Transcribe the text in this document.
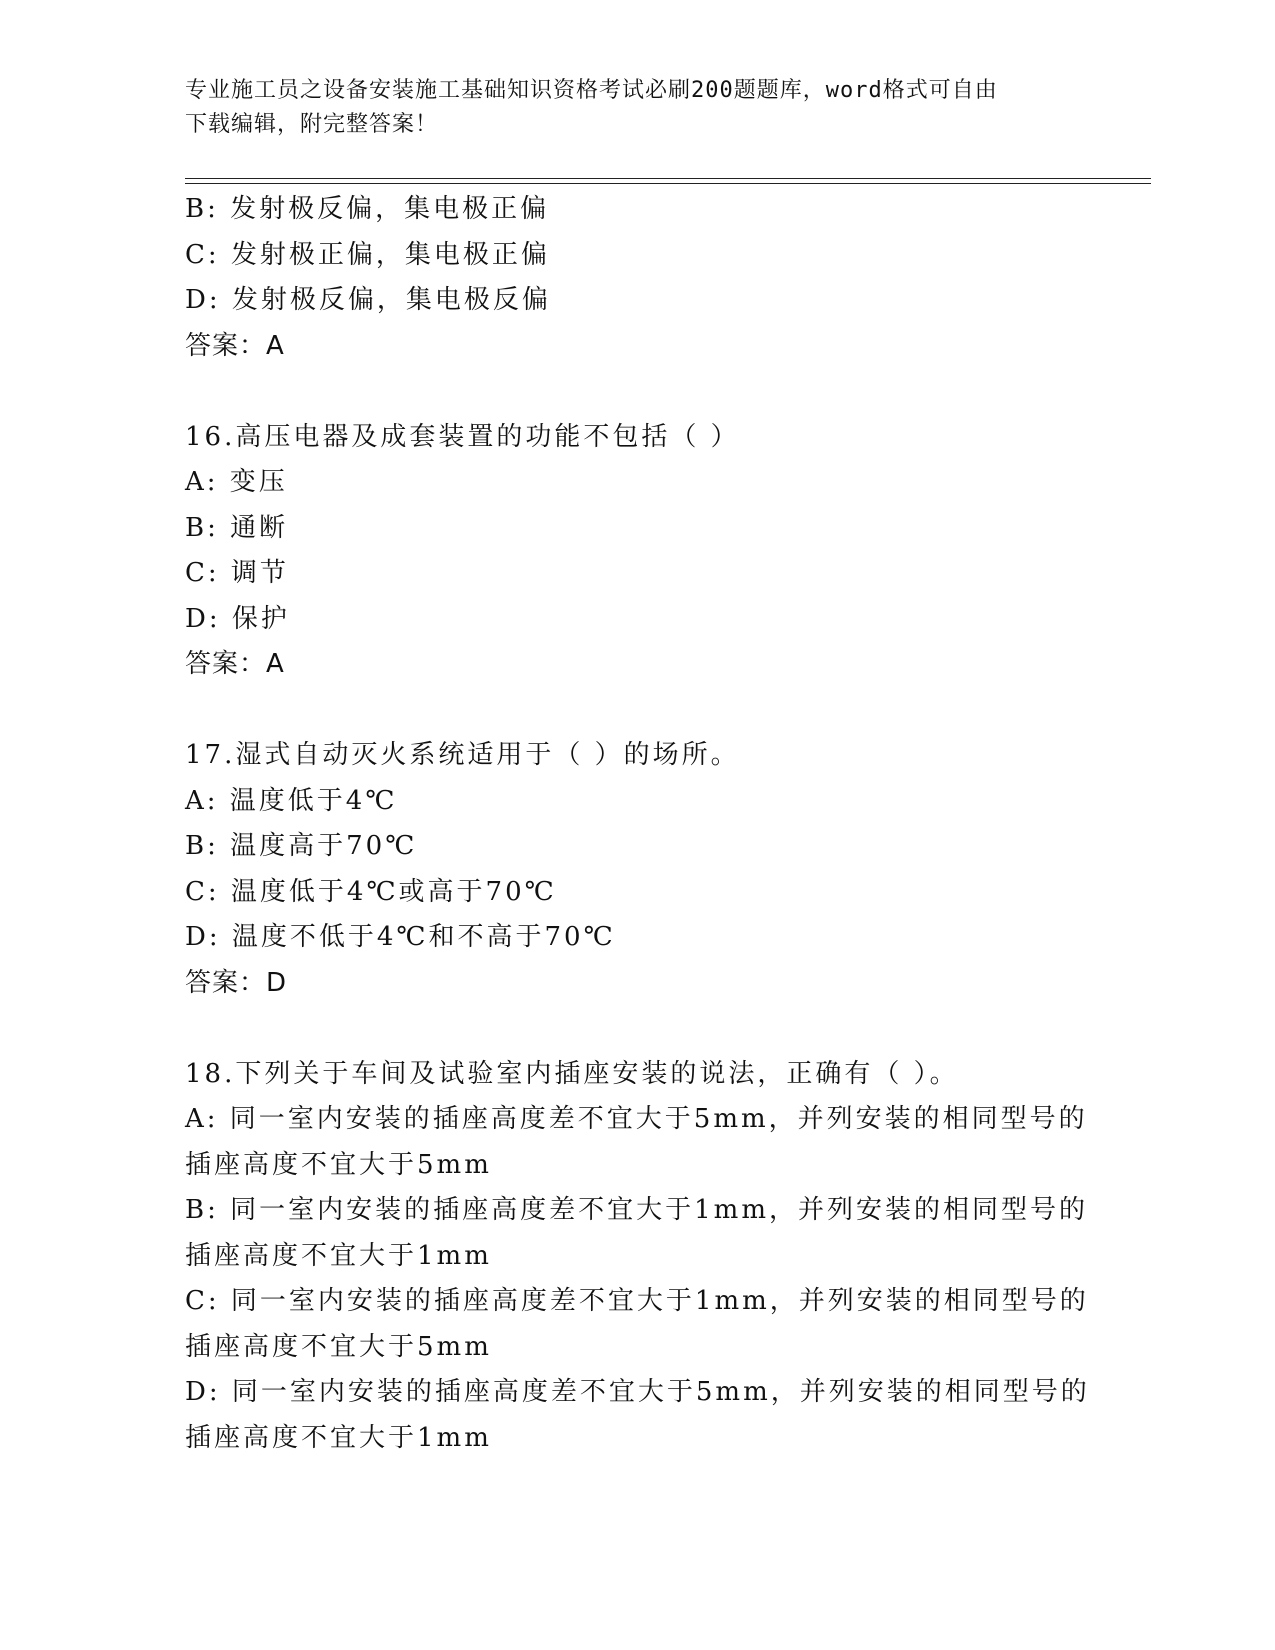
专业施工员之设备安装施工基础知识资格考试必刷200题题库，word格式可自由
下载编辑，附完整答案！
B: 发射极反偏，集电极正偏
C: 发射极正偏，集电极正偏
D: 发射极反偏，集电极反偏
答案：A
16.高压电器及成套装置的功能不包括（ ）
A: 变压
B: 通断
C: 调节
D: 保护
答案：A
17.湿式自动灭火系统适用于（ ）的场所。
A: 温度低于4℃
B: 温度高于70℃
C: 温度低于4℃或高于70℃
D: 温度不低于4℃和不高于70℃
答案：D
18.下列关于车间及试验室内插座安装的说法，正确有（ ）。
A: 同一室内安装的插座高度差不宜大于5mm，并列安装的相同型号的
插座高度不宜大于5mm
B: 同一室内安装的插座高度差不宜大于1mm，并列安装的相同型号的
插座高度不宜大于1mm
C: 同一室内安装的插座高度差不宜大于1mm，并列安装的相同型号的
插座高度不宜大于5mm
D: 同一室内安装的插座高度差不宜大于5mm，并列安装的相同型号的
插座高度不宜大于1mm
